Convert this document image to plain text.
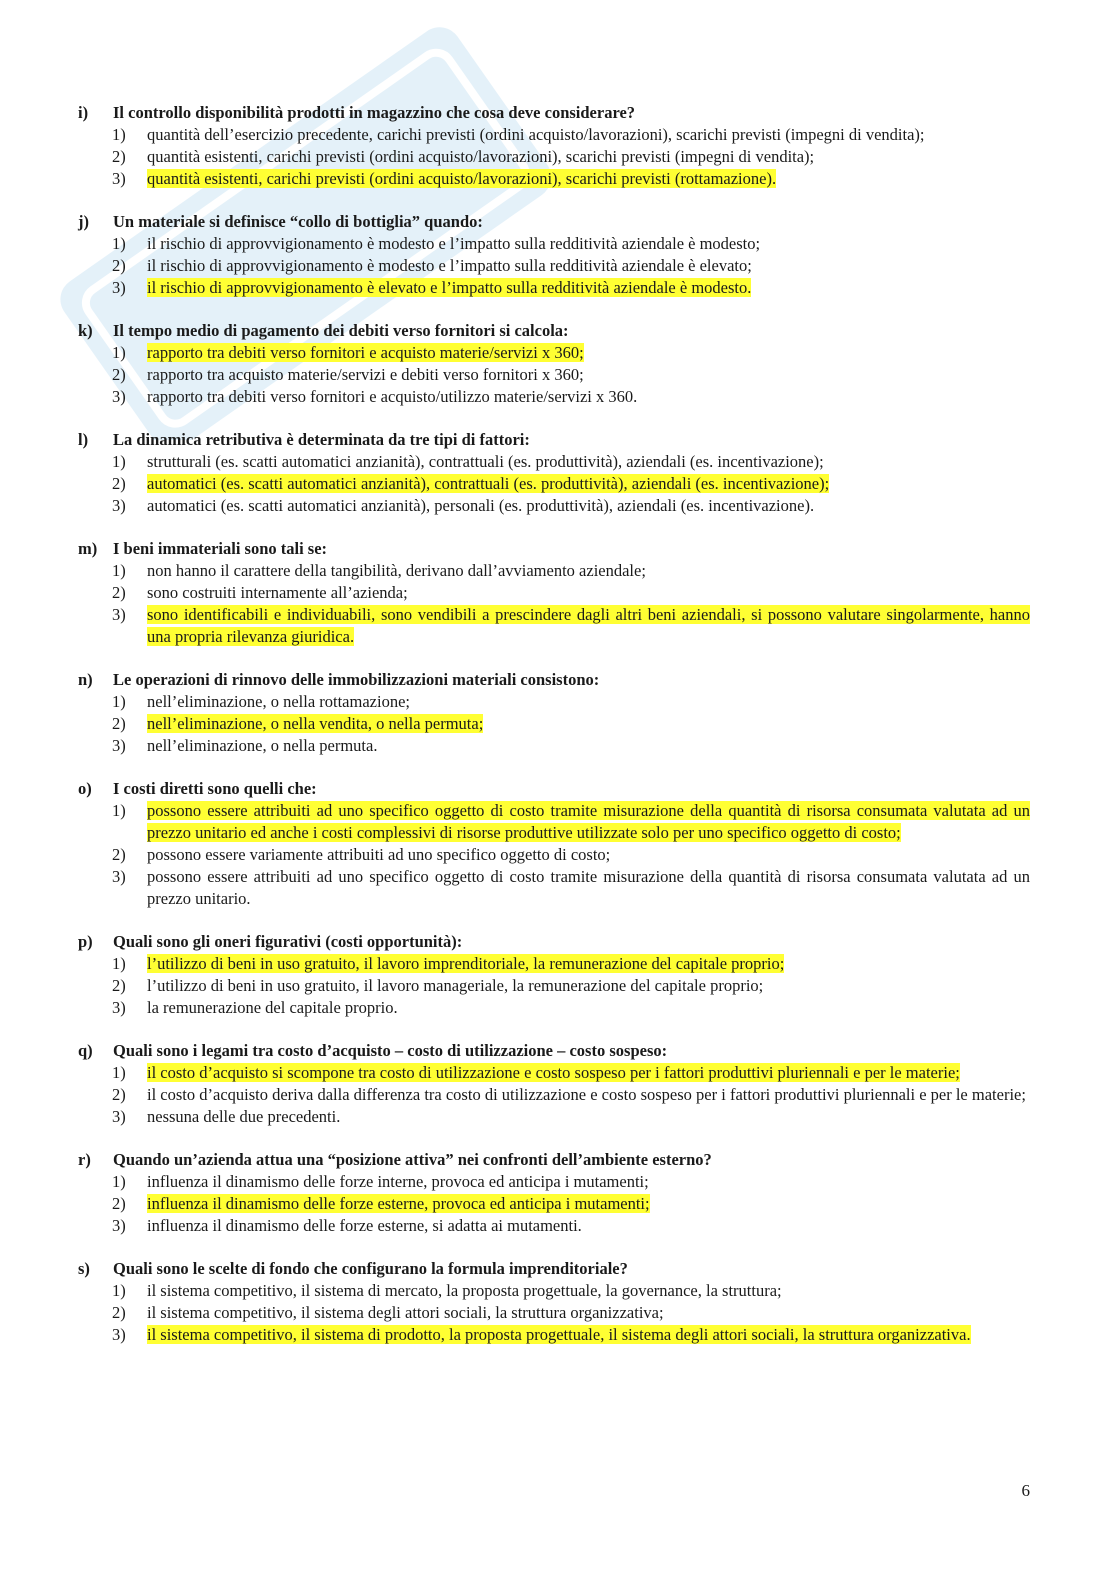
i)	Il controllo disponibilità prodotti in magazzino che cosa deve considerare?
1)	quantità dell’esercizio precedente, carichi previsti (ordini acquisto/lavorazioni), scarichi previsti (impegni di vendita);
2)	quantità esistenti, carichi previsti (ordini acquisto/lavorazioni), scarichi previsti (impegni di vendita);
3)	quantità esistenti, carichi previsti (ordini acquisto/lavorazioni), scarichi previsti (rottamazione).
j)	Un materiale si definisce “collo di bottiglia” quando:
1)	il rischio di approvvigionamento è modesto e l’impatto sulla redditività aziendale è modesto;
2)	il rischio di approvvigionamento è modesto e l’impatto sulla redditività aziendale è elevato;
3)	il rischio di approvvigionamento è elevato e l’impatto sulla redditività aziendale è modesto.
k)	Il tempo medio di pagamento dei debiti verso fornitori si calcola:
1)	rapporto tra debiti verso fornitori e acquisto materie/servizi x 360;
2)	rapporto tra acquisto materie/servizi e debiti verso fornitori x 360;
3)	rapporto tra debiti verso fornitori e acquisto/utilizzo materie/servizi x 360.
l)	La dinamica retributiva è determinata da tre tipi di fattori:
1)	strutturali (es. scatti automatici anzianità), contrattuali (es. produttività), aziendali (es. incentivazione);
2)	automatici (es. scatti automatici anzianità), contrattuali (es. produttività), aziendali (es. incentivazione);
3)	automatici (es. scatti automatici anzianità), personali (es. produttività), aziendali (es. incentivazione).
m) I beni immateriali sono tali se:
1)	non hanno il carattere della tangibilità, derivano dall’avviamento aziendale;
2)	sono costruiti internamente all’azienda;
3)	sono identificabili e individuabili, sono vendibili a prescindere dagli altri beni aziendali, si possono valutare singolarmente, hanno una propria rilevanza giuridica.
n)	Le operazioni di rinnovo delle immobilizzazioni materiali consistono:
1)	nell’eliminazione, o nella rottamazione;
2)	nell’eliminazione, o nella vendita, o nella permuta;
3)	nell’eliminazione, o nella permuta.
o)	I costi diretti sono quelli che:
1)	possono essere attribuiti ad uno specifico oggetto di costo tramite misurazione della quantità di risorsa consumata valutata ad un prezzo unitario ed anche i costi complessivi di risorse produttive utilizzate solo per uno specifico oggetto di costo;
2)	possono essere variamente attribuiti ad uno specifico oggetto di costo;
3)	possono essere attribuiti ad uno specifico oggetto di costo tramite misurazione della quantità di risorsa consumata valutata ad un prezzo unitario.
p)	Quali sono gli oneri figurativi (costi opportunità):
1)	l’utilizzo di beni in uso gratuito, il lavoro imprenditoriale, la remunerazione del capitale proprio;
2)	l’utilizzo di beni in uso gratuito, il lavoro manageriale, la remunerazione del capitale proprio;
3)	la remunerazione del capitale proprio.
q)	Quali sono i legami tra costo d’acquisto – costo di utilizzazione – costo sospeso:
1)	il costo d’acquisto si scompone tra costo di utilizzazione e costo sospeso per i fattori produttivi pluriennali e per le materie;
2)	il costo d’acquisto deriva dalla differenza tra costo di utilizzazione e costo sospeso per i fattori produttivi pluriennali e per le materie;
3)	nessuna delle due precedenti.
r)	Quando un’azienda attua una “posizione attiva” nei confronti dell’ambiente esterno?
1)	influenza il dinamismo delle forze interne, provoca ed anticipa i mutamenti;
2)	influenza il dinamismo delle forze esterne, provoca ed anticipa i mutamenti;
3)	influenza il dinamismo delle forze esterne, si adatta ai mutamenti.
s)	Quali sono le scelte di fondo che configurano la formula imprenditoriale?
1)	il sistema competitivo, il sistema di mercato, la proposta progettuale, la governance, la struttura;
2)	il sistema competitivo, il sistema degli attori sociali, la struttura organizzativa;
3)	il sistema competitivo, il sistema di prodotto, la proposta progettuale, il sistema degli attori sociali, la struttura organizzativa.
6
